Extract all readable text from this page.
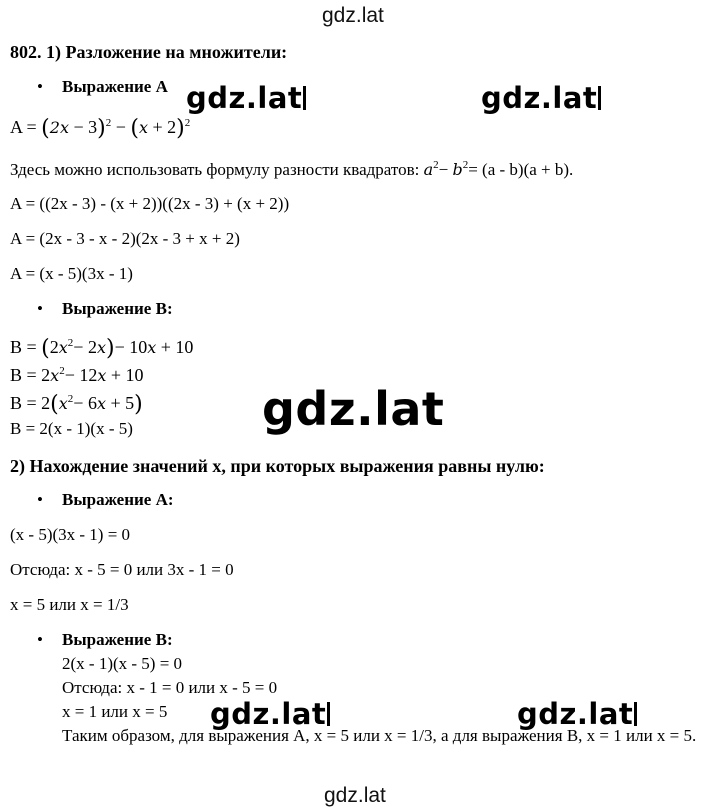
gdz.lat
gdz.lat	gdz.lat
gdz.lat
gdz.lat	gdz.lat
gdz.lat
802. 1) Разложение на множители:
• Выражение A
$A = (2x - 3)^2 - (x + 2)^2$
Здесь можно использовать формулу разности квадратов: $a^2- b^2= (a - b)(a + b)$.
A = ((2x - 3) - (x + 2))((2x - 3) + (x + 2))
A = (2x - 3 - x - 2)(2x - 3 + x + 2)
A = (x - 5)(3x - 1)
• Выражение B:
$B = (2x^2- 2x)- 10x + 10$
$B = 2x^2- 12x + 10$
$B = 2(x^2- 6x + 5)$
B = 2(x - 1)(x - 5)
2) Нахождение значений x, при которых выражения равны нулю:
• Выражение A:
(x - 5)(3x - 1) = 0
Отсюда: x - 5 = 0 или 3x - 1 = 0
x = 5 или x = 1/3
• Выражение B:
2(x - 1)(x - 5) = 0
Отсюда: x - 1 = 0 или x - 5 = 0
x = 1 или x = 5
Таким образом, для выражения A, x = 5 или x = 1/3, а для выражения B, x = 1 или x = 5.
